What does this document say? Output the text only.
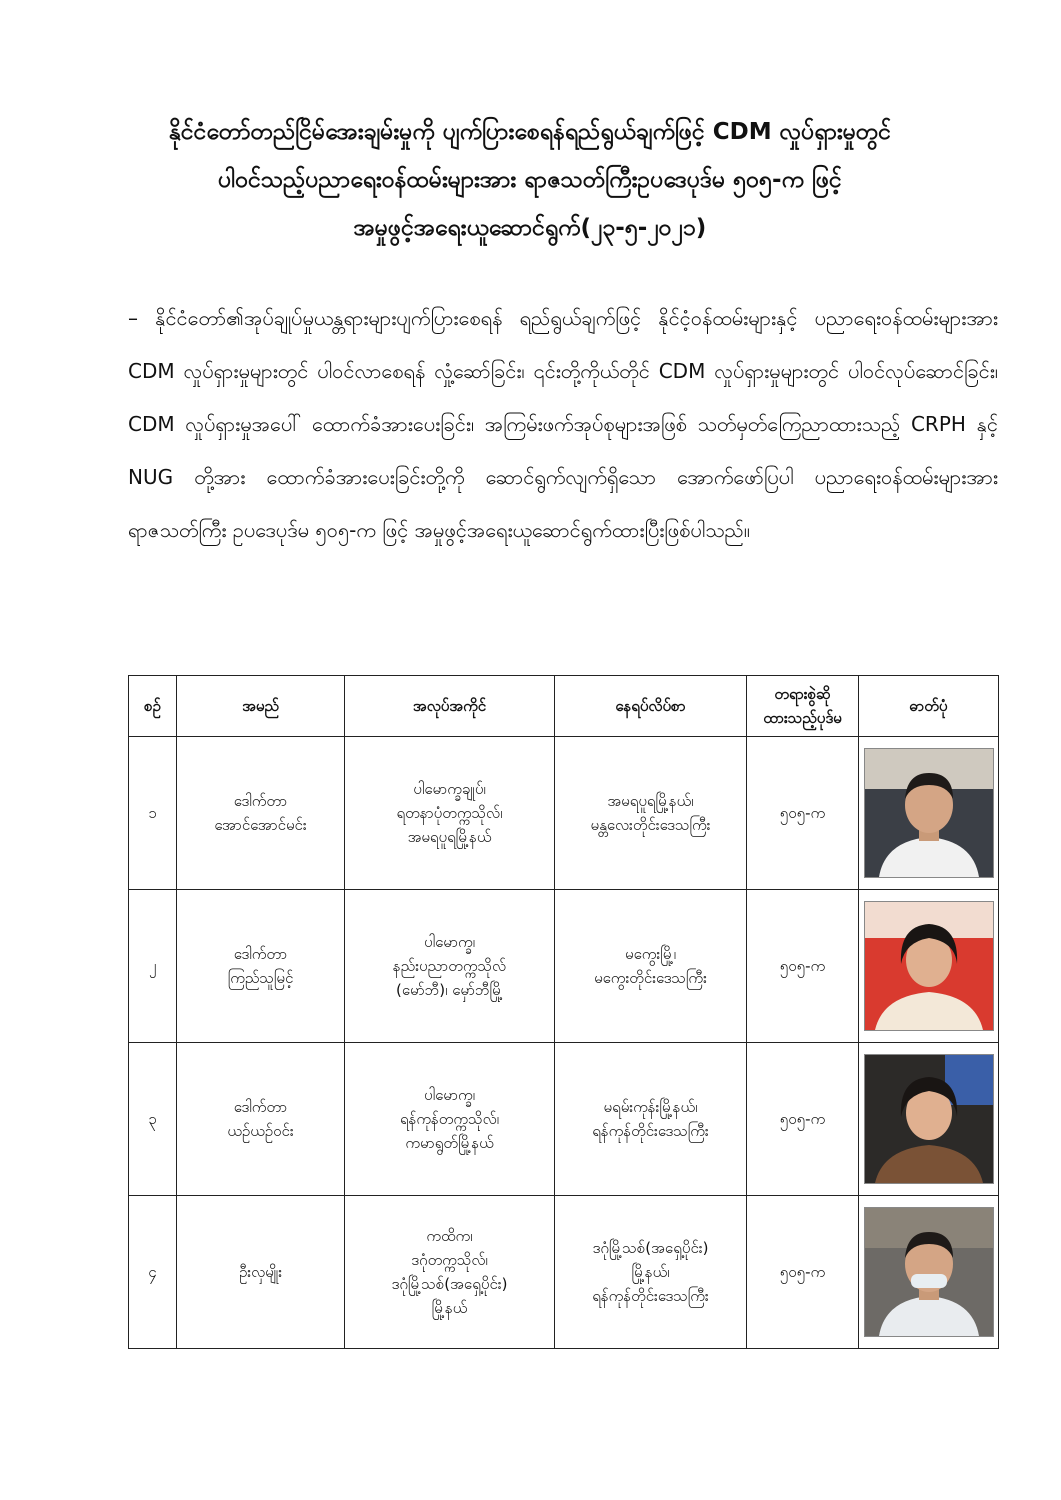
နိုင်ငံတော်တည်ငြိမ်အေးချမ်းမှုကို ပျက်ပြားစေရန်ရည်ရွယ်ချက်ဖြင့် CDM လှုပ်ရှားမှုတွင်
ပါဝင်သည့်ပညာရေးဝန်ထမ်းများအား ရာဇသတ်ကြီးဥပဒေပုဒ်မ ၅၀၅-က ဖြင့်
အမှုဖွင့်အရေးယူဆောင်ရွက်(၂၃-၅-၂၀၂၁)

– နိုင်ငံတော်၏အုပ်ချုပ်မှုယန္တရားများပျက်ပြားစေရန် ရည်ရွယ်ချက်ဖြင့် နိုင်ငံ့ဝန်ထမ်းများနှင့် ပညာရေးဝန်ထမ်းများအား CDM လှုပ်ရှားမှုများတွင် ပါဝင်လာစေရန် လှုံ့ဆော်ခြင်း၊ ၎င်းတို့ကိုယ်တိုင် CDM လှုပ်ရှားမှုများတွင် ပါဝင်လုပ်ဆောင်ခြင်း၊ CDM လှုပ်ရှားမှုအပေါ် ထောက်ခံအားပေးခြင်း၊ အကြမ်းဖက်အုပ်စုများအဖြစ် သတ်မှတ်ကြေညာထားသည့် CRPH နှင့် NUG တို့အား ထောက်ခံအားပေးခြင်းတို့ကို ဆောင်ရွက်လျက်ရှိသော အောက်ဖော်ပြပါ ပညာရေးဝန်ထမ်းများအား ရာဇသတ်ကြီး ဥပဒေပုဒ်မ ၅၀၅-က ဖြင့် အမှုဖွင့်အရေးယူဆောင်ရွက်ထားပြီးဖြစ်ပါသည်။

စဉ်	အမည်	အလုပ်အကိုင်	နေရပ်လိပ်စာ	တရားစွဲဆို
ထားသည့်ပုဒ်မ	ဓာတ်ပုံ
၁	ဒေါက်တာ
အောင်အောင်မင်း	ပါမောက္ခချုပ်၊
ရတနာပုံတက္ကသိုလ်၊
အမရပူရမြို့နယ်	အမရပူရမြို့နယ်၊
မန္တလေးတိုင်းဒေသကြီး	၅၀၅-က	

၂	ဒေါက်တာ
ကြည်သူမြင့်	ပါမောက္ခ၊
နည်းပညာတက္ကသိုလ်
(မော်ဘီ)၊ မှော်ဘီမြို့	မကွေးမြို့၊
မကွေးတိုင်းဒေသကြီး	၅၀၅-က	

၃	ဒေါက်တာ
ယဉ်ယဉ်ဝင်း	ပါမောက္ခ၊
ရန်ကုန်တက္ကသိုလ်၊
ကမာရွတ်မြို့နယ်	မရမ်းကုန်းမြို့နယ်၊
ရန်ကုန်တိုင်းဒေသကြီး	၅၀၅-က	

၄	ဦးလှမျိုး	ကထိက၊
ဒဂုံတက္ကသိုလ်၊
ဒဂုံမြို့သစ်(အရှေ့ပိုင်း)
မြို့နယ်	ဒဂုံမြို့သစ်(အရှေ့ပိုင်း)
မြို့နယ်၊
ရန်ကုန်တိုင်းဒေသကြီး	၅၀၅-က	
